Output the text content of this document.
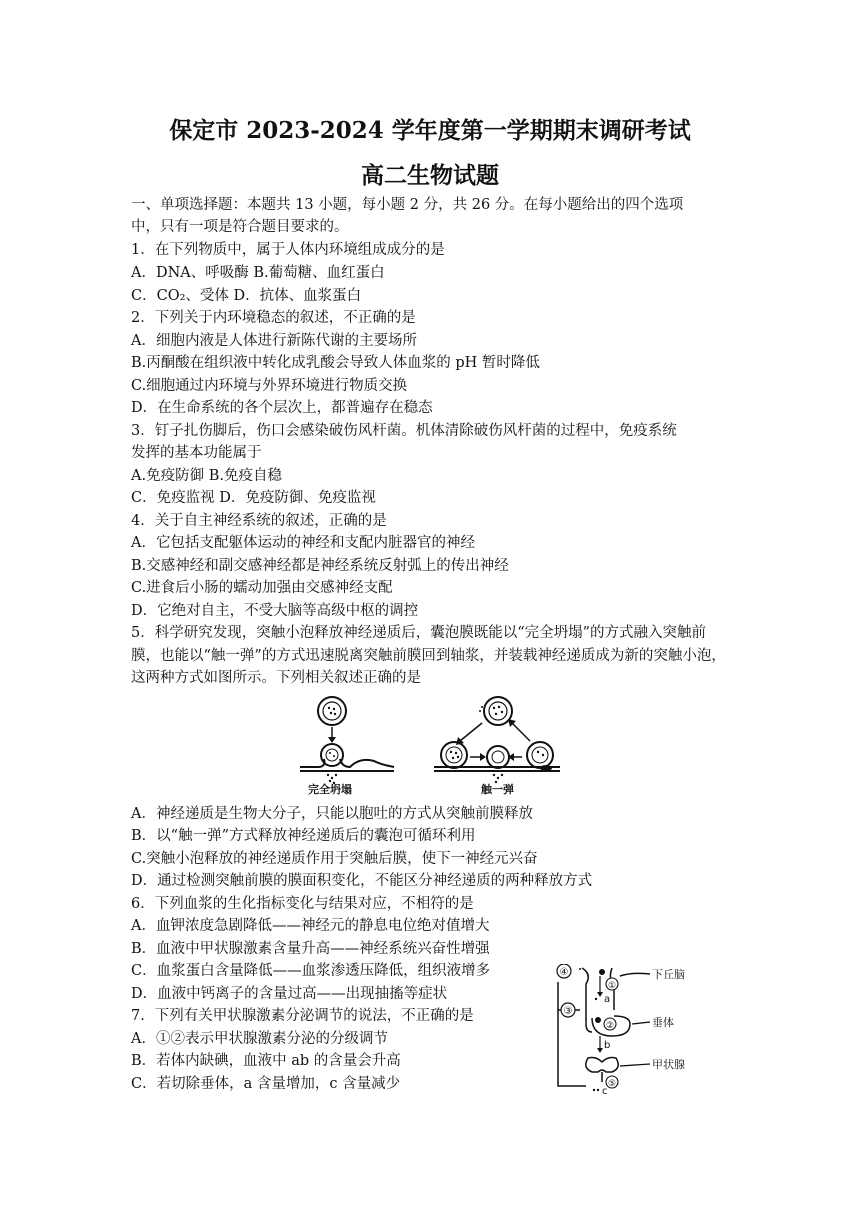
保定市 2023-2024 学年度第一学期期末调研考试
高二生物试题
一、单项选择题：本题共 13 小题，每小题 2 分，共 26 分。在每小题给出的四个选项
中，只有一项是符合题目要求的。
1．在下列物质中，属于人体内环境组成成分的是
A．DNA、呼吸酶 B.葡萄糖、血红蛋白
C．CO₂、受体 D．抗体、血浆蛋白
2．下列关于内环境稳态的叙述，不正确的是
A．细胞内液是人体进行新陈代谢的主要场所
B.丙酮酸在组织液中转化成乳酸会导致人体血浆的 pH 暂时降低
C.细胞通过内环境与外界环境进行物质交换
D．在生命系统的各个层次上，都普遍存在稳态
3．钉子扎伤脚后，伤口会感染破伤风杆菌。机体清除破伤风杆菌的过程中，免疫系统
发挥的基本功能属于
A.免疫防御 B.免疫自稳
C．免疫监视 D．免疫防御、免疫监视
4．关于自主神经系统的叙述，正确的是
A．它包括支配躯体运动的神经和支配内脏器官的神经
B.交感神经和副交感神经都是神经系统反射弧上的传出神经
C.进食后小肠的蠕动加强由交感神经支配
D．它绝对自主，不受大脑等高级中枢的调控
5．科学研究发现，突触小泡释放神经递质后，囊泡膜既能以“完全坍塌”的方式融入突触前
膜，也能以“触一弹”的方式迅速脱离突触前膜回到轴浆，并装载神经递质成为新的突触小泡，
这两种方式如图所示。下列相关叙述正确的是
完全坍塌	触一弹
A．神经递质是生物大分子，只能以胞吐的方式从突触前膜释放
B．以“触一弹”方式释放神经递质后的囊泡可循环利用
C.突触小泡释放的神经递质作用于突触后膜，使下一神经元兴奋
D．通过检测突触前膜的膜面积变化，不能区分神经递质的两种释放方式
6．下列血浆的生化指标变化与结果对应，不相符的是
A．血钾浓度急剧降低——神经元的静息电位绝对值增大
B．血液中甲状腺激素含量升高——神经系统兴奋性增强
C．血浆蛋白含量降低——血浆渗透压降低，组织液增多
D．血液中钙离子的含量过高——出现抽搐等症状
7．下列有关甲状腺激素分泌调节的说法，不正确的是
A．①②表示甲状腺激素分泌的分级调节
B．若体内缺碘，血液中 ab 的含量会升高
C．若切除垂体，a 含量增加，c 含量减少
④
③
下丘脑
①
a
垂体
②
b
甲状腺
⑤
c
